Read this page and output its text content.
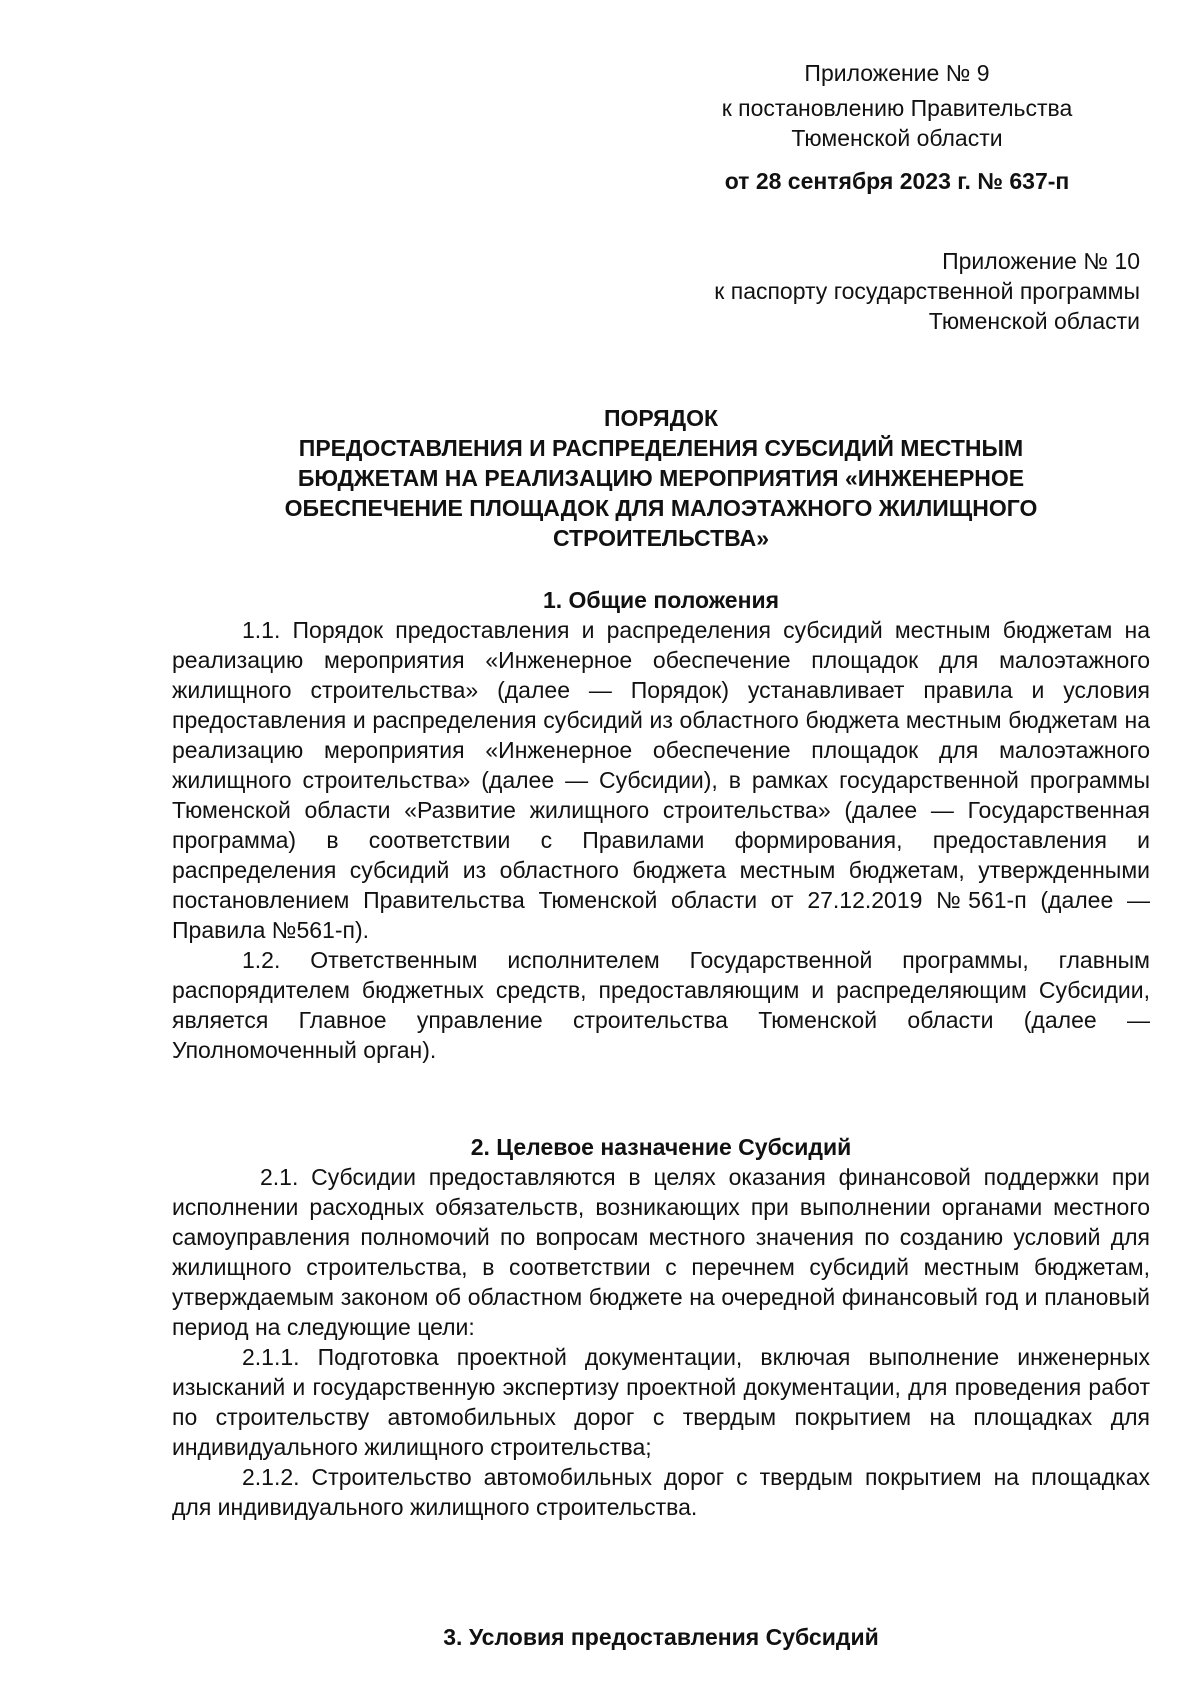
Приложение № 9
к постановлению Правительства
Тюменской области
от 28 сентября 2023 г. № 637-п
Приложение № 10
к паспорту государственной программы
Тюменской области
ПОРЯДОК
ПРЕДОСТАВЛЕНИЯ И РАСПРЕДЕЛЕНИЯ СУБСИДИЙ МЕСТНЫМ
БЮДЖЕТАМ НА РЕАЛИЗАЦИЮ МЕРОПРИЯТИЯ «ИНЖЕНЕРНОЕ
ОБЕСПЕЧЕНИЕ ПЛОЩАДОК ДЛЯ МАЛОЭТАЖНОГО ЖИЛИЩНОГО
СТРОИТЕЛЬСТВА»
1. Общие положения

1.1. Порядок предоставления и распределения субсидий местным бюджетам на реализацию мероприятия «Инженерное обеспечение площадок для малоэтажного жилищного строительства» (далее — Порядок) устанавливает правила и условия предоставления и распределения субсидий из областного бюджета местным бюджетам на реализацию мероприятия «Инженерное обеспечение площадок для малоэтажного жилищного строительства» (далее — Субсидии), в рамках государственной программы Тюменской области «Развитие жилищного строительства» (далее — Государственная программа) в соответствии с Правилами формирования, предоставления и распределения субсидий из областного бюджета местным бюджетам, утвержденными постановлением Правительства Тюменской области от 27.12.2019 №561-п (далее — Правила №561-п).

1.2. Ответственным исполнителем Государственной программы, главным распорядителем бюджетных средств, предоставляющим и распределяющим Субсидии, является Главное управление строительства Тюменской области (далее — Уполномоченный орган).

2. Целевое назначение Субсидий

2.1. Субсидии предоставляются в целях оказания финансовой поддержки при исполнении расходных обязательств, возникающих при выполнении органами местного самоуправления полномочий по вопросам местного значения по созданию условий для жилищного строительства, в соответствии с перечнем субсидий местным бюджетам, утверждаемым законом об областном бюджете на очередной финансовый год и плановый период на следующие цели:

2.1.1. Подготовка проектной документации, включая выполнение инженерных изысканий и государственную экспертизу проектной документации, для проведения работ по строительству автомобильных дорог с твердым покрытием на площадках для индивидуального жилищного строительства;

2.1.2. Строительство автомобильных дорог с твердым покрытием на площадках для индивидуального жилищного строительства.

3. Условия предоставления Субсидий
